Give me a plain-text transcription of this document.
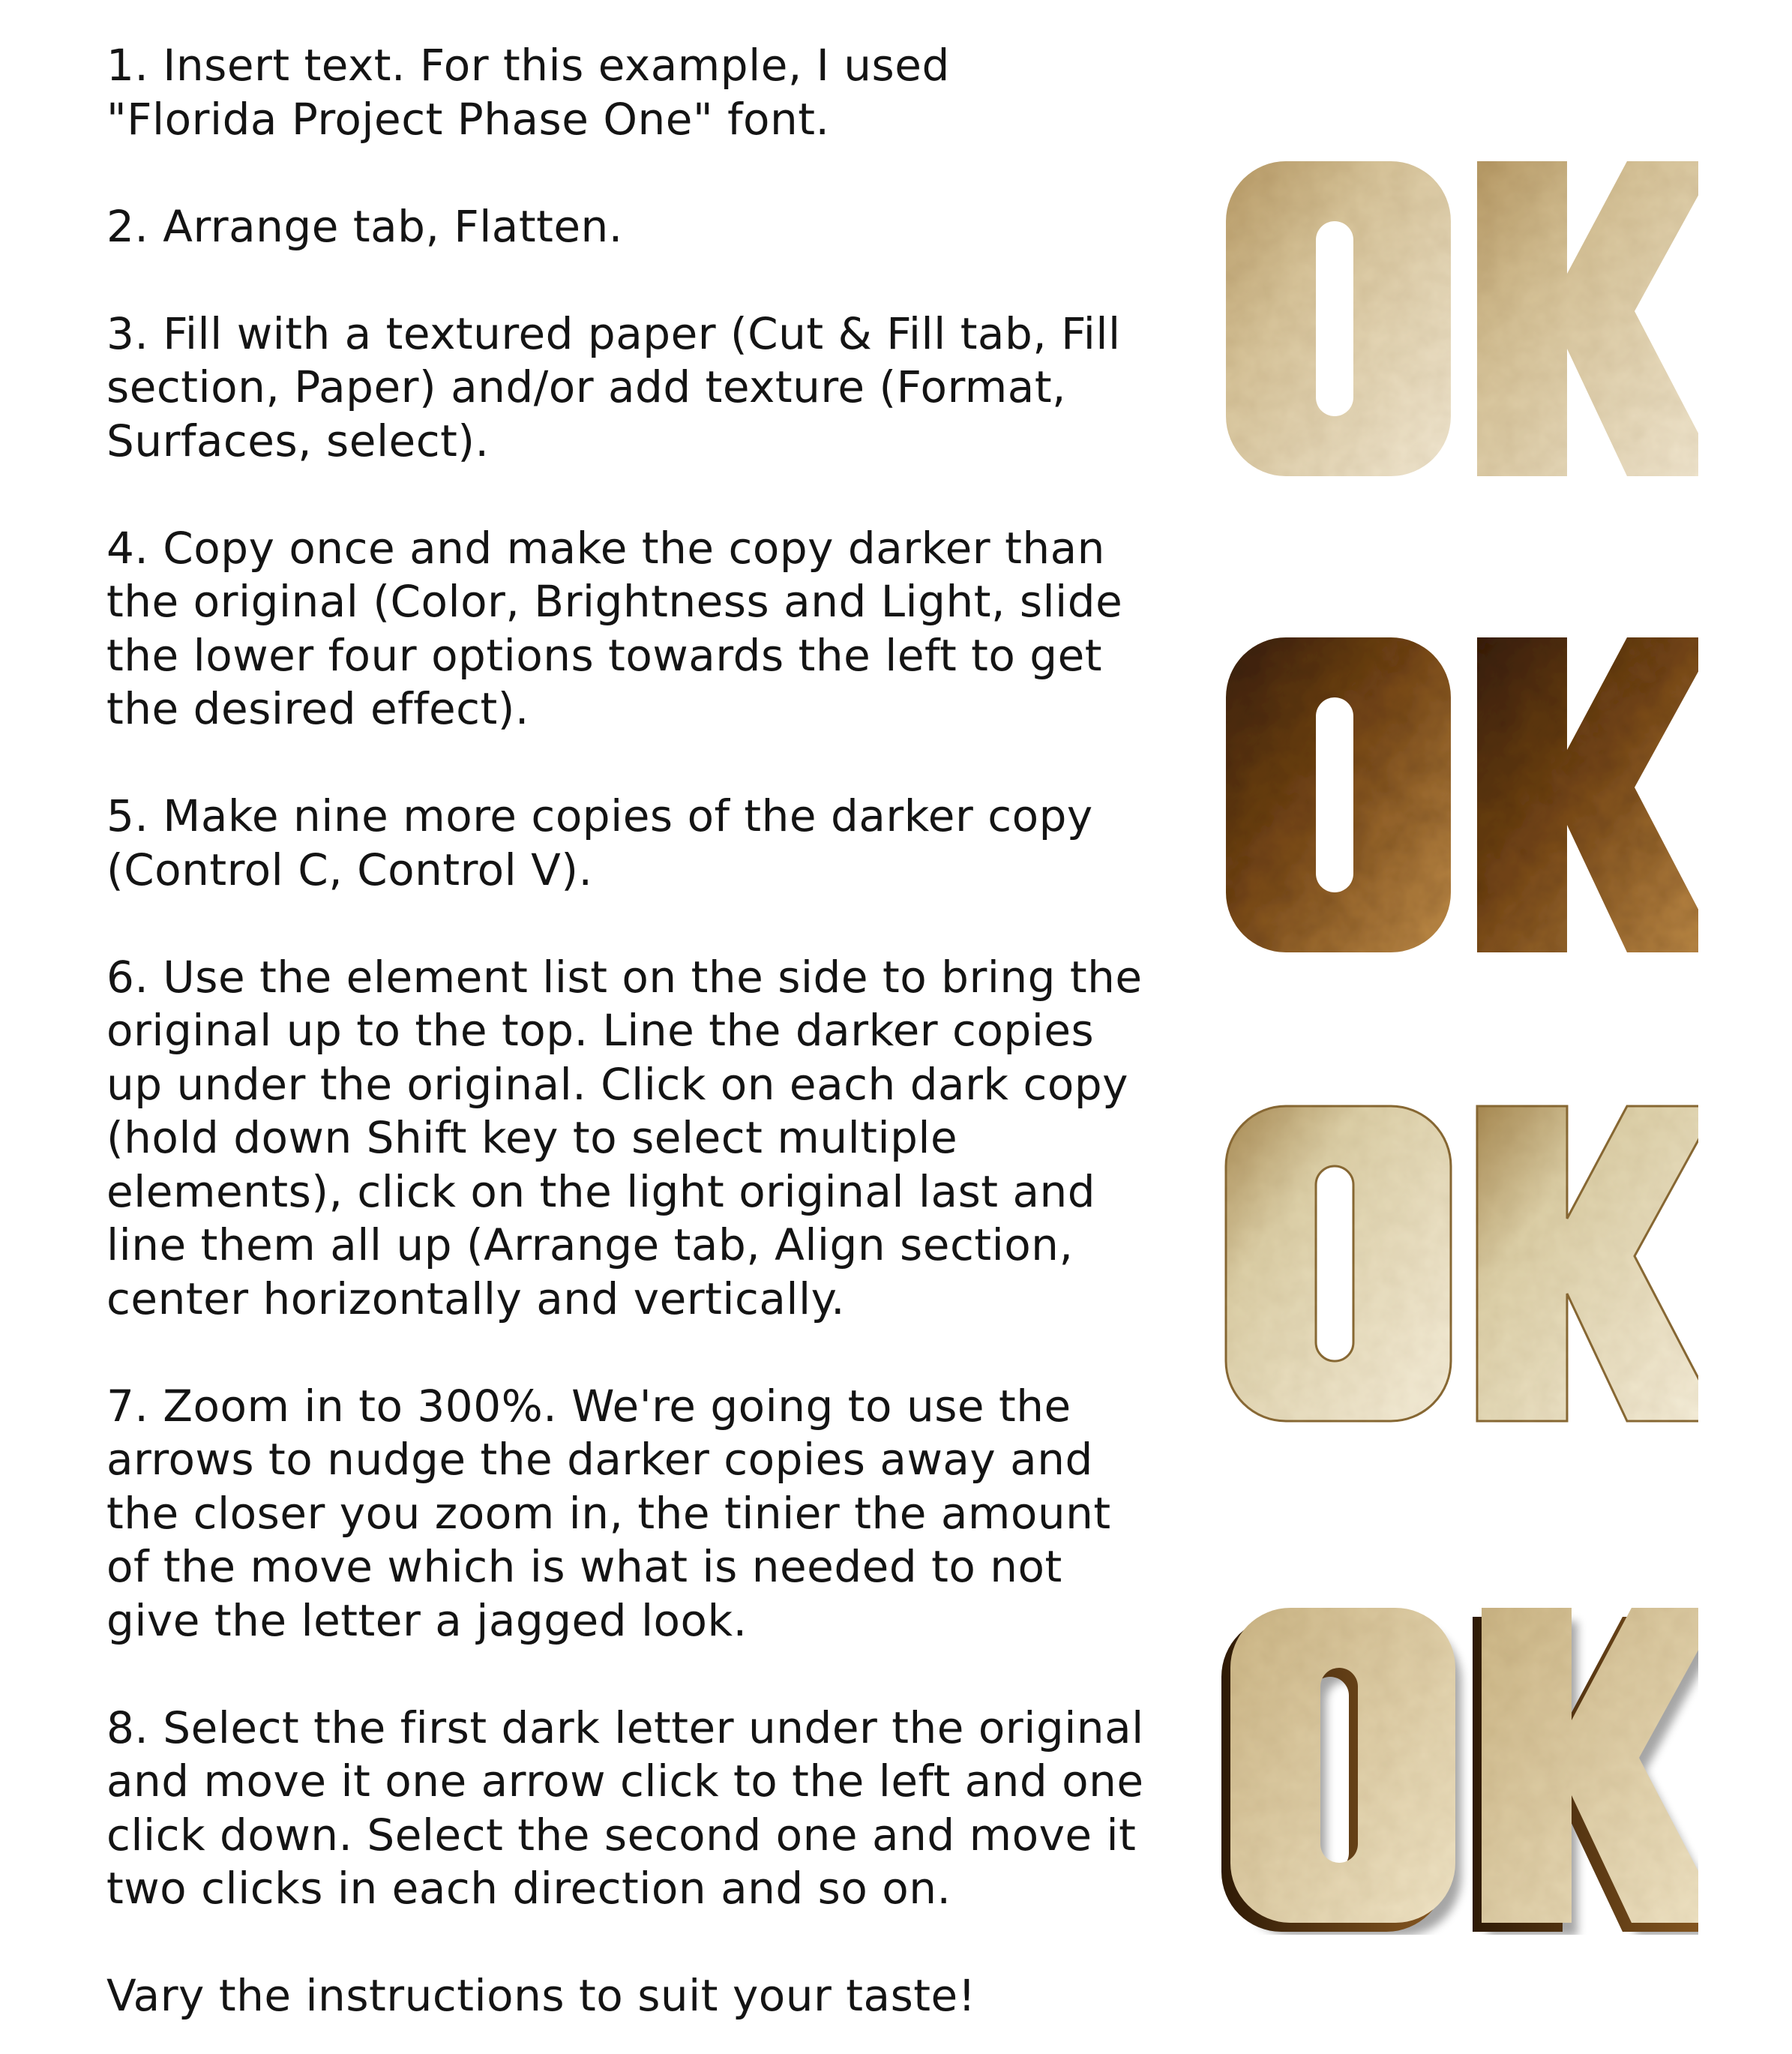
1. Insert text. For this example, I used
"Florida Project Phase One" font.

2. Arrange tab, Flatten.

3. Fill with a textured paper (Cut & Fill tab, Fill
section, Paper) and/or add texture (Format,
Surfaces, select).

4. Copy once and make the copy darker than
the original (Color, Brightness and Light, slide
the lower four options towards the left to get
the desired effect).

5. Make nine more copies of the darker copy
(Control C, Control V).

6. Use the element list on the side to bring the
original up to the top. Line the darker copies
up under the original. Click on each dark copy
(hold down Shift key to select multiple
elements), click on the light original last and
line them all up (Arrange tab, Align section,
center horizontally and vertically.

7. Zoom in to 300%. We're going to use the
arrows to nudge the darker copies away and
the closer you zoom in, the tinier the amount
of the move which is what is needed to not
give the letter a jagged look.

8. Select the first dark letter under the original
and move it one arrow click to the left and one
click down. Select the second one and move it
two clicks in each direction and so on.

Vary the instructions to suit your taste!
